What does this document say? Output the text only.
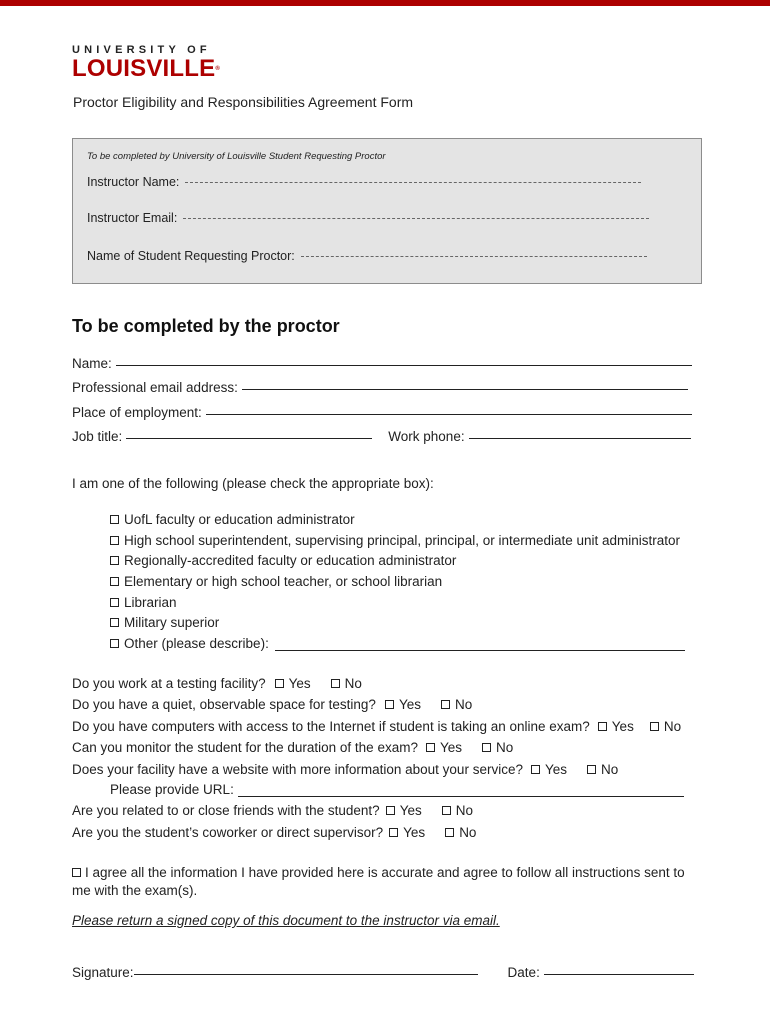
UNIVERSITY OF
LOUISVILLE®
Proctor Eligibility and Responsibilities Agreement Form
To be completed by University of Louisville Student Requesting Proctor
Instructor Name:
Instructor Email:
Name of Student Requesting Proctor:
To be completed by the proctor
Name:
Professional email address:
Place of employment:
Job title:	Work phone:
I am one of the following (please check the appropriate box):
UofL faculty or education administrator
High school superintendent, supervising principal, principal, or intermediate unit administrator
Regionally-accredited faculty or education administrator
Elementary or high school teacher, or school librarian
Librarian
Military superior
Other (please describe):
Do you work at a testing facility? Yes	No
Do you have a quiet, observable space for testing? Yes	No
Do you have computers with access to the Internet if student is taking an online exam? Yes No
Can you monitor the student for the duration of the exam? Yes	No
Does your facility have a website with more information about your service? Yes	No
Please provide URL:
Are you related to or close friends with the student? Yes	No
Are you the student’s coworker or direct supervisor? Yes	No
I agree all the information I have provided here is accurate and agree to follow all instructions sent to me with the exam(s).
Please return a signed copy of this document to the instructor via email.
Signature:	Date:
